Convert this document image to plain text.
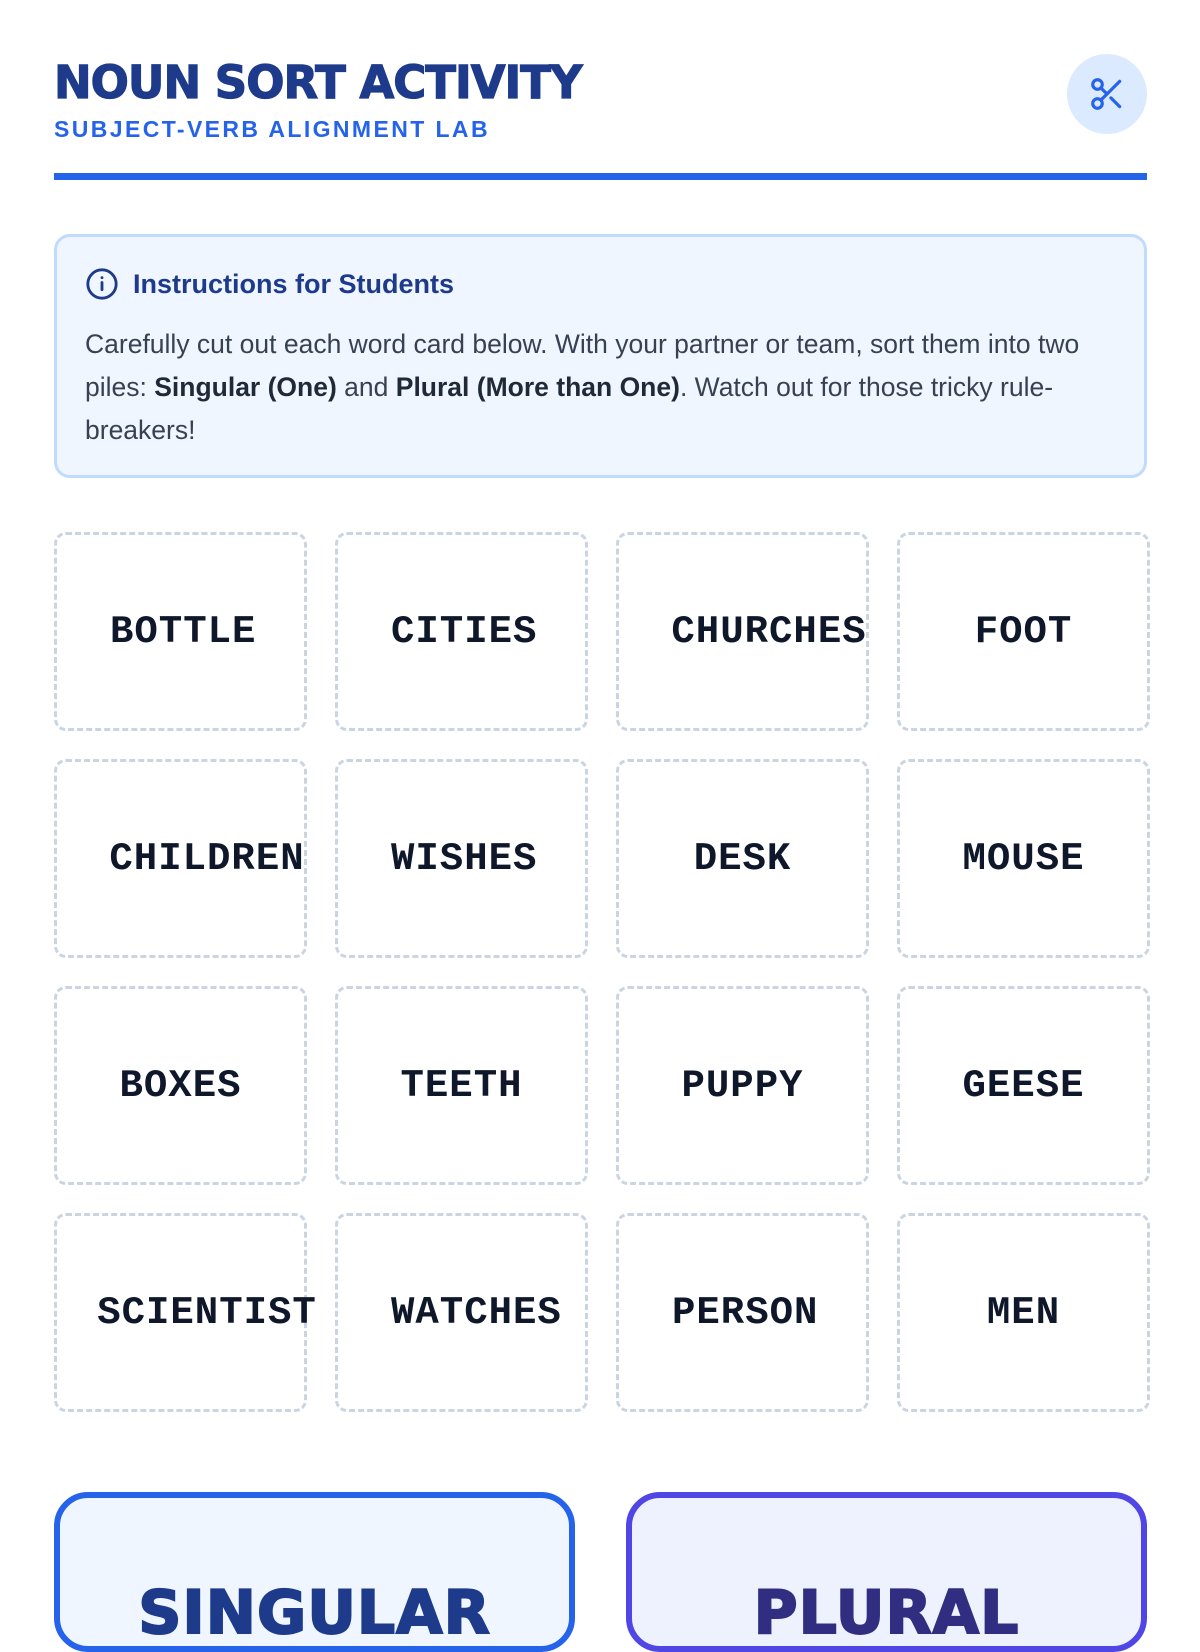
NOUN SORT ACTIVITY
SUBJECT-VERB ALIGNMENT LAB
Instructions for Students

Carefully cut out each word card below. With your partner or team, sort them into two piles: Singular (One) and Plural (More than One). Watch out for those tricky rule-breakers!

BOTTLE	CITIES	CHURCHES	FOOT
CHILDREN WISHES	DESK	MOUSE
BOXES	TEETH	PUPPY	GEESE
SCIENTIST WATCHES	PERSON	MEN
SINGULAR	PLURAL
